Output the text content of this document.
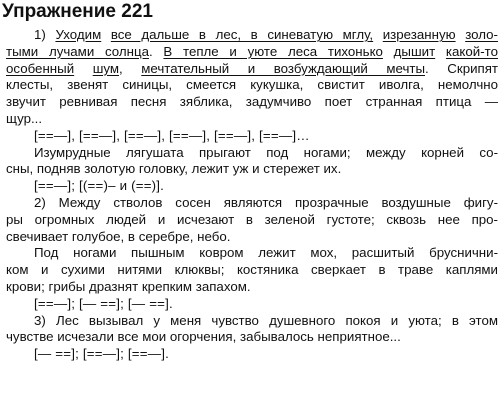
Упражнение 221
1) Уходим все дальше в лес, в синеватую мглу, изрезанную золо-
тыми лучами солнца. В тепле и уюте леса тихонько дышит какой-то
особенный шум, мечтательный и возбуждающий мечты. Скрипят
клесты, звенят синицы, смеется кукушка, свистит иволга, немолчно
звучит ревнивая песня зяблика, задумчиво поет странная птица —
щур...
[==—], [==—], [==—], [==—], [==—], [==—]…
Изумрудные лягушата прыгают под ногами; между корней со-
сны, подняв золотую головку, лежит уж и стережет их.
[==—]; [(==)– и (==)].
2) Между стволов сосен являются прозрачные воздушные фигу-
ры огромных людей и исчезают в зеленой густоте; сквозь нее про-
свечивает голубое, в серебре, небо.
Под ногами пышным ковром лежит мох, расшитый бруснични-
ком и сухими нитями клюквы; костяника сверкает в траве каплями
крови; грибы дразнят крепким запахом.
[==—]; [— ==]; [— ==].
3) Лес вызывал у меня чувство душевного покоя и уюта; в этом
чувстве исчезали все мои огорчения, забывалось неприятное...
[— ==]; [==—]; [==—].
